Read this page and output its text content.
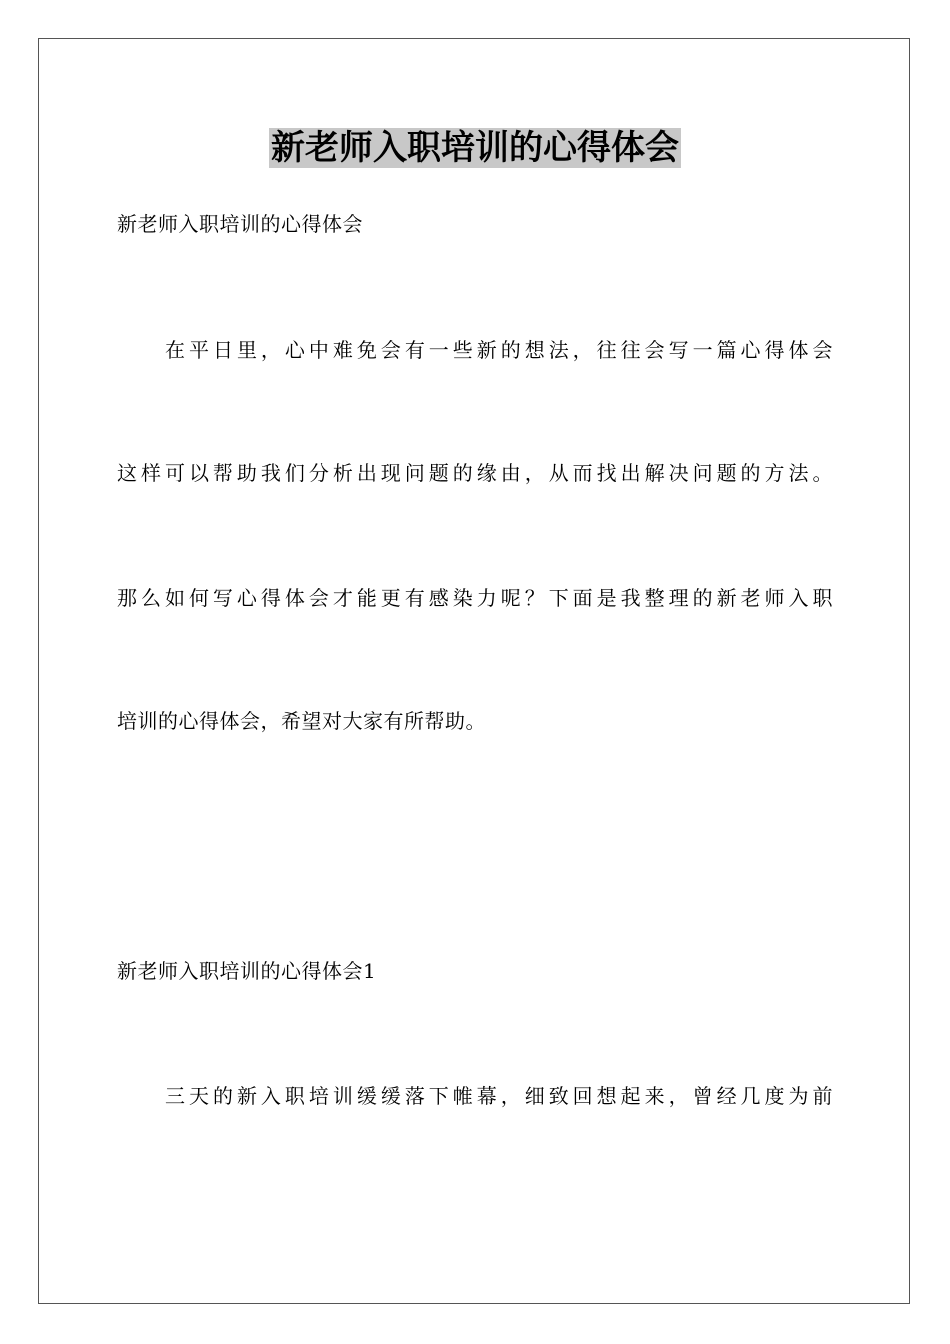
新老师入职培训的心得体会
新老师入职培训的心得体会
在平日里，心中难免会有一些新的想法，往往会写一篇心得体会
这样可以帮助我们分析出现问题的缘由，从而找出解决问题的方法。
那么如何写心得体会才能更有感染力呢？下面是我整理的新老师入职
培训的心得体会，希望对大家有所帮助。
新老师入职培训的心得体会1
三天的新入职培训缓缓落下帷幕，细致回想起来，曾经几度为前
